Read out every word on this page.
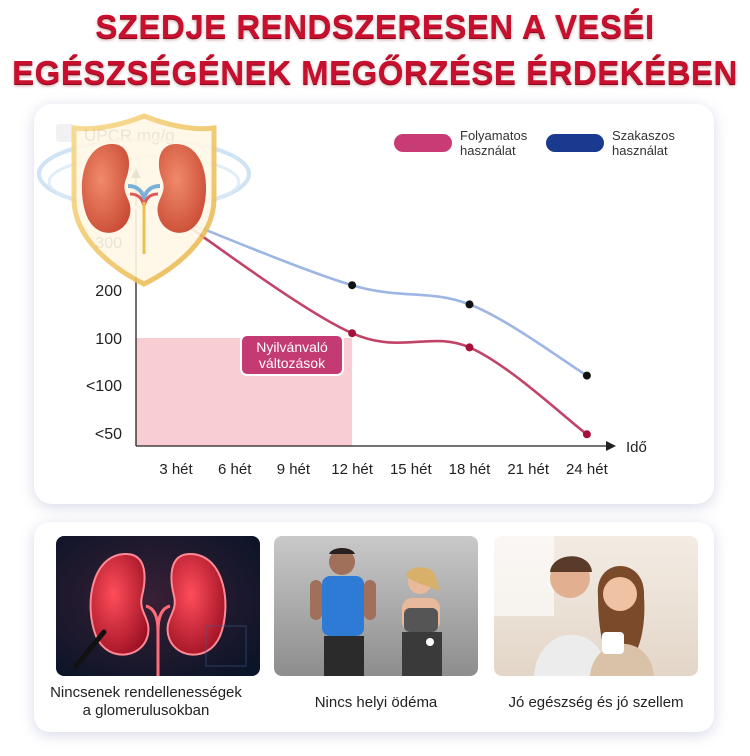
SZEDJE RENDSZERESEN A VESÉI
EGÉSZSÉGÉNEK MEGŐRZÉSE ÉRDEKÉBEN
Idő
200
100
<100
<50
3 hét 6 hét 9 hét 12 hét 15 hét 18 hét 21 hét 24 hét
Folyamatos
használat
Szakaszos
használat
Nyilvánvaló
változások
Nincsenek rendellenességek
a glomerulusokban	Nincs helyi ödéma	Jó egészség és jó szellem
